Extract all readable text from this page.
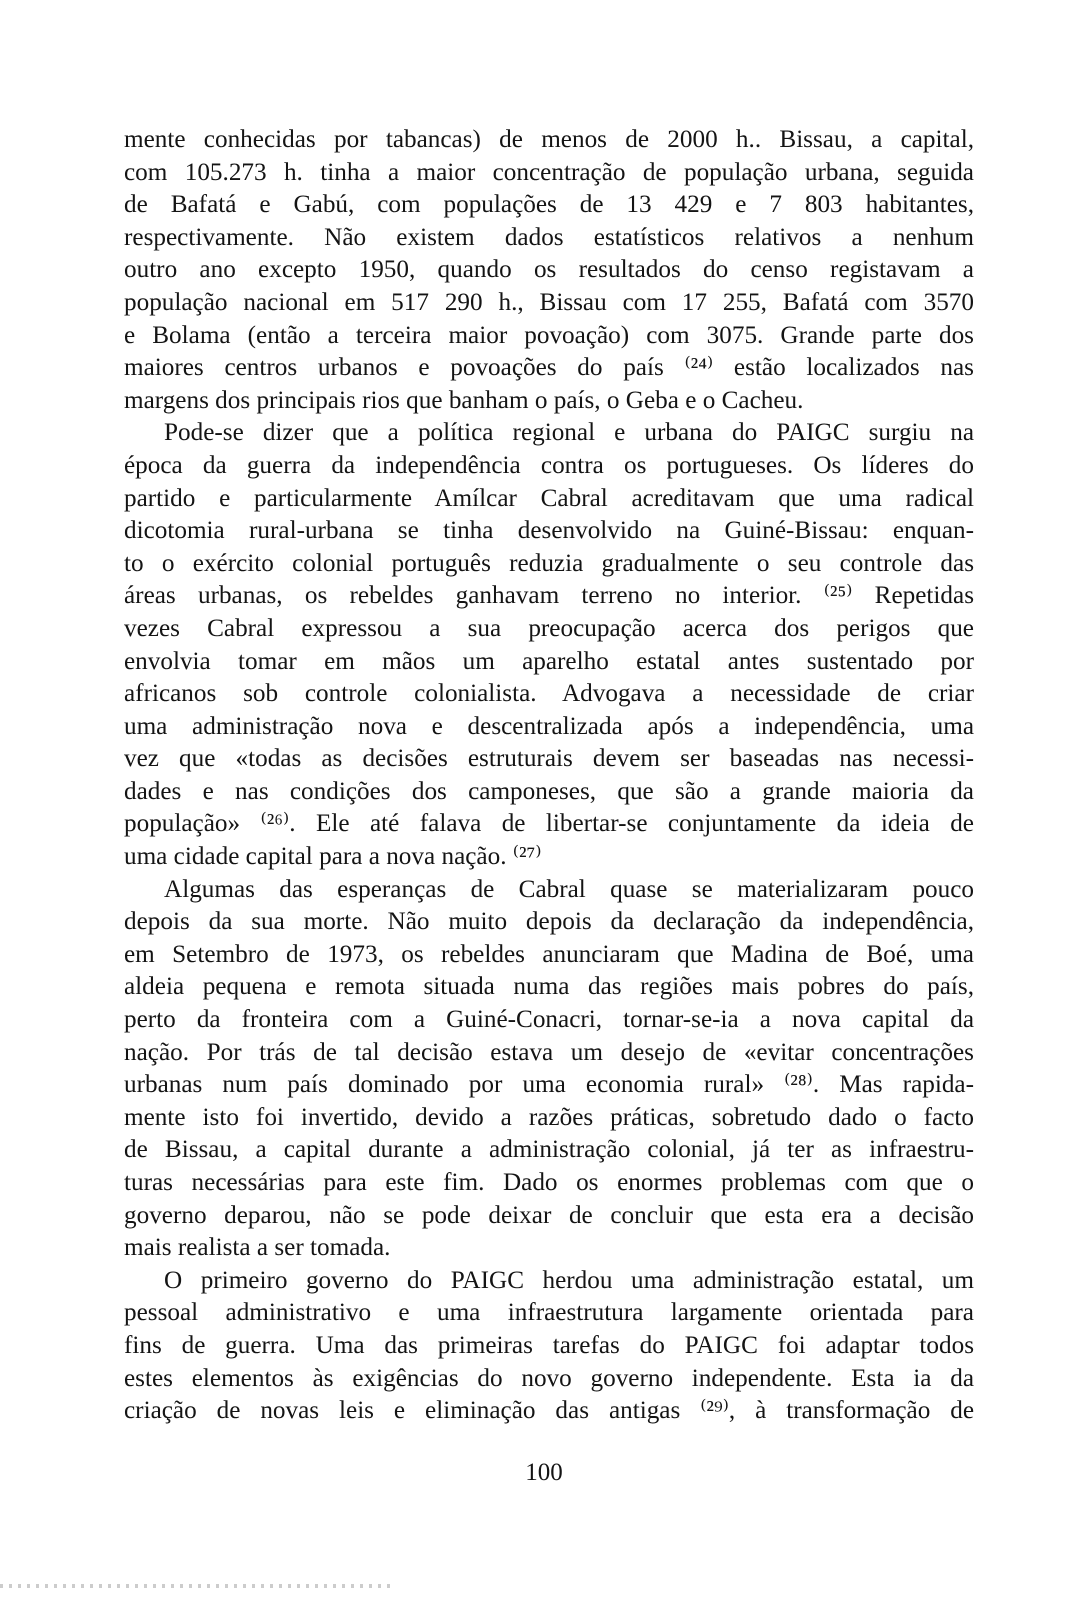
mente conhecidas por tabancas) de menos de 2000 h.. Bissau, a capital,
com 105.273 h. tinha a maior concentração de população urbana, seguida
de Bafatá e Gabú, com populações de 13 429 e 7 803 habitantes,
respectivamente. Não existem dados estatísticos relativos a nenhum
outro ano excepto 1950, quando os resultados do censo registavam a
população nacional em 517 290 h., Bissau com 17 255, Bafatá com 3570
e Bolama (então a terceira maior povoação) com 3075. Grande parte dos
maiores centros urbanos e povoações do país ⁽²⁴⁾ estão localizados nas
margens dos principais rios que banham o país, o Geba e o Cacheu.
Pode-se dizer que a política regional e urbana do PAIGC surgiu na
época da guerra da independência contra os portugueses. Os líderes do
partido e particularmente Amílcar Cabral acreditavam que uma radical
dicotomia rural-urbana se tinha desenvolvido na Guiné-Bissau: enquan-
to o exército colonial português reduzia gradualmente o seu controle das
áreas urbanas, os rebeldes ganhavam terreno no interior. ⁽²⁵⁾ Repetidas
vezes Cabral expressou a sua preocupação acerca dos perigos que
envolvia tomar em mãos um aparelho estatal antes sustentado por
africanos sob controle colonialista. Advogava a necessidade de criar
uma administração nova e descentralizada após a independência, uma
vez que «todas as decisões estruturais devem ser baseadas nas necessi-
dades e nas condições dos camponeses, que são a grande maioria da
população» ⁽²⁶⁾. Ele até falava de libertar-se conjuntamente da ideia de
uma cidade capital para a nova nação. ⁽²⁷⁾
Algumas das esperanças de Cabral quase se materializaram pouco
depois da sua morte. Não muito depois da declaração da independência,
em Setembro de 1973, os rebeldes anunciaram que Madina de Boé, uma
aldeia pequena e remota situada numa das regiões mais pobres do país,
perto da fronteira com a Guiné-Conacri, tornar-se-ia a nova capital da
nação. Por trás de tal decisão estava um desejo de «evitar concentrações
urbanas num país dominado por uma economia rural» ⁽²⁸⁾. Mas rapida-
mente isto foi invertido, devido a razões práticas, sobretudo dado o facto
de Bissau, a capital durante a administração colonial, já ter as infraestru-
turas necessárias para este fim. Dado os enormes problemas com que o
governo deparou, não se pode deixar de concluir que esta era a decisão
mais realista a ser tomada.
O primeiro governo do PAIGC herdou uma administração estatal, um
pessoal administrativo e uma infraestrutura largamente orientada para
fins de guerra. Uma das primeiras tarefas do PAIGC foi adaptar todos
estes elementos às exigências do novo governo independente. Esta ia da
criação de novas leis e eliminação das antigas ⁽²⁹⁾, à transformação de
100
